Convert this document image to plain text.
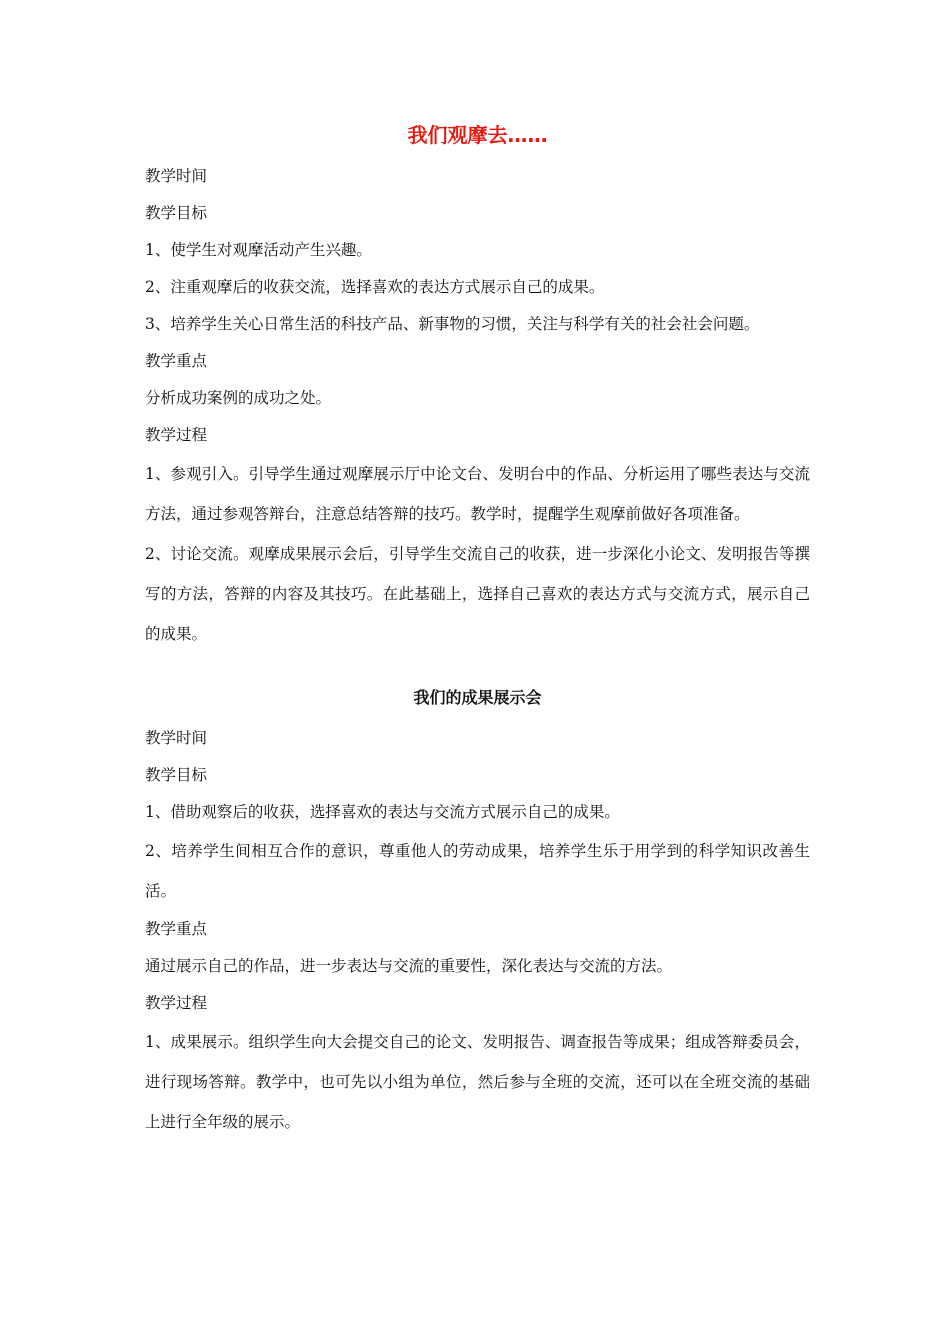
我们观摩去……

教学时间

教学目标

1、使学生对观摩活动产生兴趣。

2、注重观摩后的收获交流，选择喜欢的表达方式展示自己的成果。

3、培养学生关心日常生活的科技产品、新事物的习惯，关注与科学有关的社会社会问题。

教学重点

分析成功案例的成功之处。

教学过程

1、参观引入。引导学生通过观摩展示厅中论文台、发明台中的作品、分析运用了哪些表达与交流方法，通过参观答辩台，注意总结答辩的技巧。教学时，提醒学生观摩前做好各项准备。

2、讨论交流。观摩成果展示会后，引导学生交流自己的收获，进一步深化小论文、发明报告等撰写的方法，答辩的内容及其技巧。在此基础上，选择自己喜欢的表达方式与交流方式，展示自己的成果。

我们的成果展示会

教学时间

教学目标

1、借助观察后的收获，选择喜欢的表达与交流方式展示自己的成果。

2、培养学生间相互合作的意识，尊重他人的劳动成果，培养学生乐于用学到的科学知识改善生活。

教学重点

通过展示自己的作品，进一步表达与交流的重要性，深化表达与交流的方法。

教学过程

1、成果展示。组织学生向大会提交自己的论文、发明报告、调查报告等成果；组成答辩委员会，进行现场答辩。教学中，也可先以小组为单位，然后参与全班的交流，还可以在全班交流的基础上进行全年级的展示。
